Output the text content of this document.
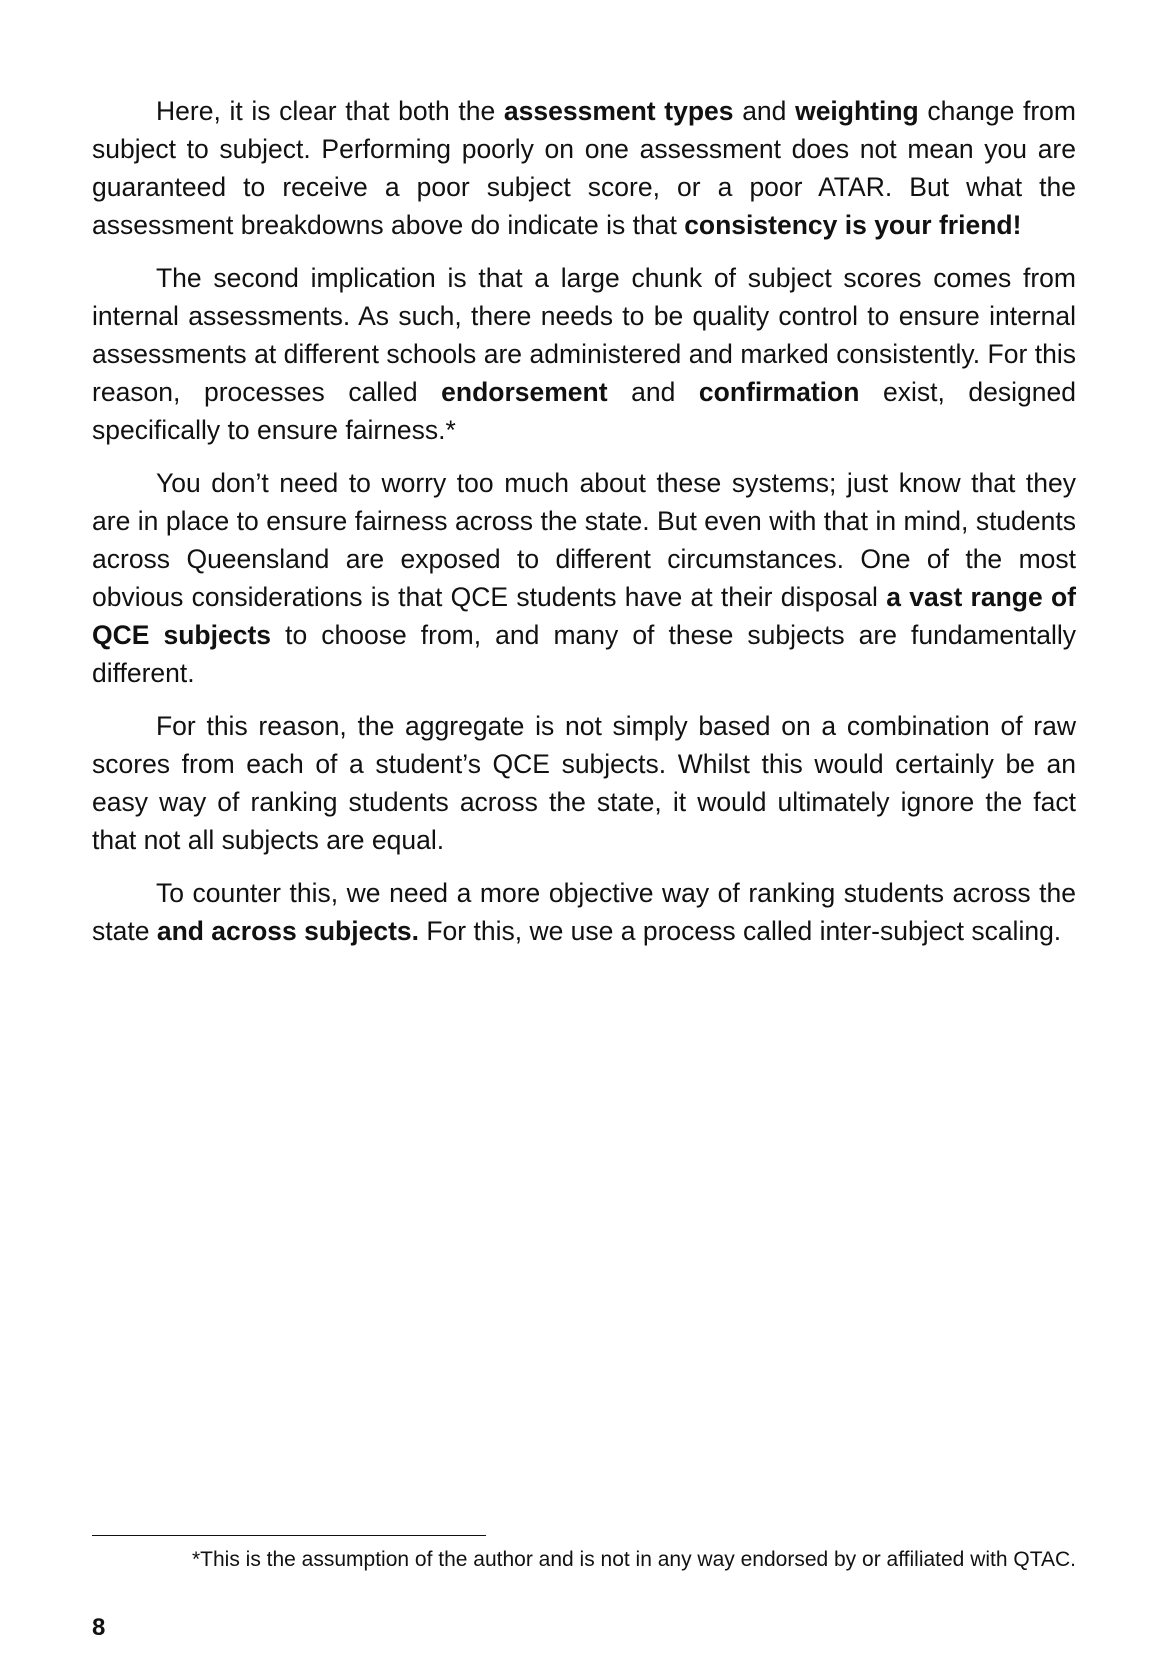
Here, it is clear that both the assessment types and weighting change from subject to subject. Performing poorly on one assessment does not mean you are guaranteed to receive a poor subject score, or a poor ATAR. But what the assessment breakdowns above do indicate is that consistency is your friend!

The second implication is that a large chunk of subject scores comes from internal assessments. As such, there needs to be quality control to ensure internal assessments at different schools are administered and marked consistently. For this reason, processes called endorsement and confirmation exist, designed specifically to ensure fairness.*

You don’t need to worry too much about these systems; just know that they are in place to ensure fairness across the state. But even with that in mind, students across Queensland are exposed to different circumstances. One of the most obvious considerations is that QCE students have at their disposal a vast range of QCE subjects to choose from, and many of these subjects are fundamentally different.

For this reason, the aggregate is not simply based on a combination of raw scores from each of a student’s QCE subjects. Whilst this would certainly be an easy way of ranking students across the state, it would ultimately ignore the fact that not all subjects are equal.

To counter this, we need a more objective way of ranking students across the state and across subjects. For this, we use a process called inter-subject scaling.

*This is the assumption of the author and is not in any way endorsed by or affiliated with QTAC.

8
